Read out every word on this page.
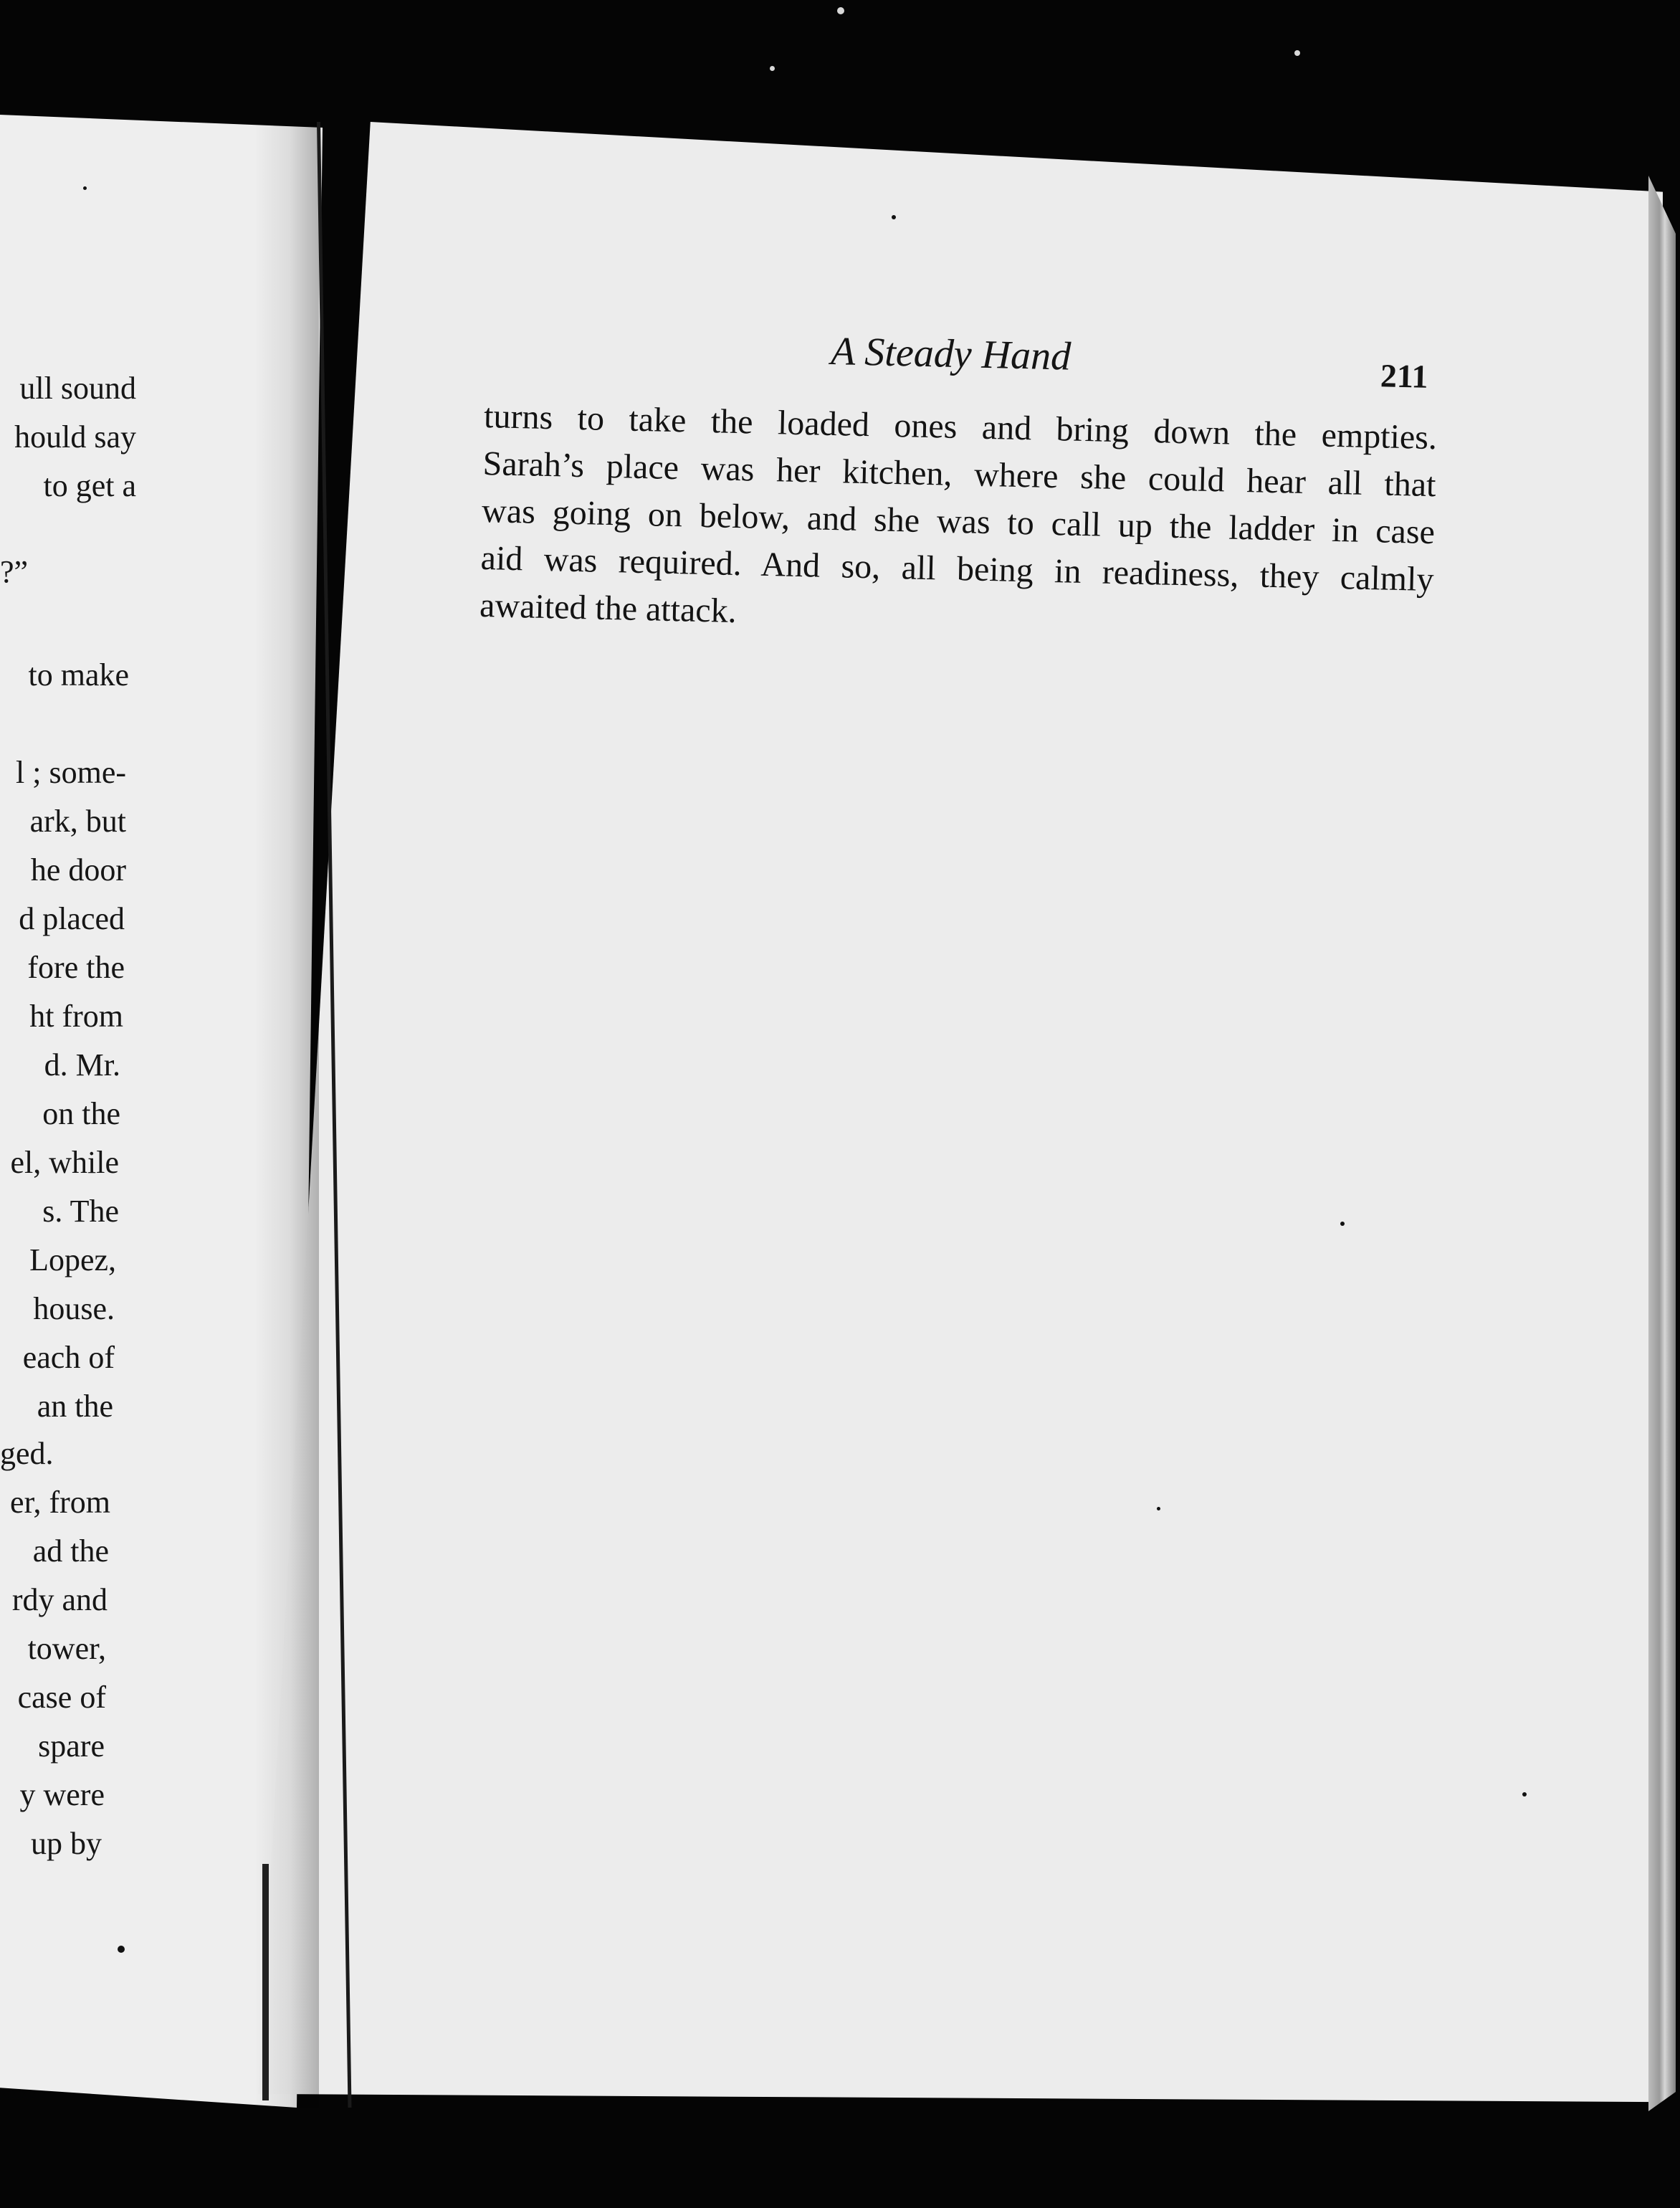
ull sound
hould say
to get a
?”
to make
l ; some-
ark, but
he door
d placed
fore the
ht from
d. Mr.
on the
el, while
s. The
Lopez,
house.
each of
an the
ged.
er, from
ad the
rdy and
tower,
case of
spare
y were
up by
A Steady Hand	211
turns to take the loaded ones and bring down the empties.
Sarah’s place was her kitchen, where she could hear all that
was going on below, and she was to call up the ladder in case
aid was required. And so, all being in readiness, they calmly
awaited the attack.
